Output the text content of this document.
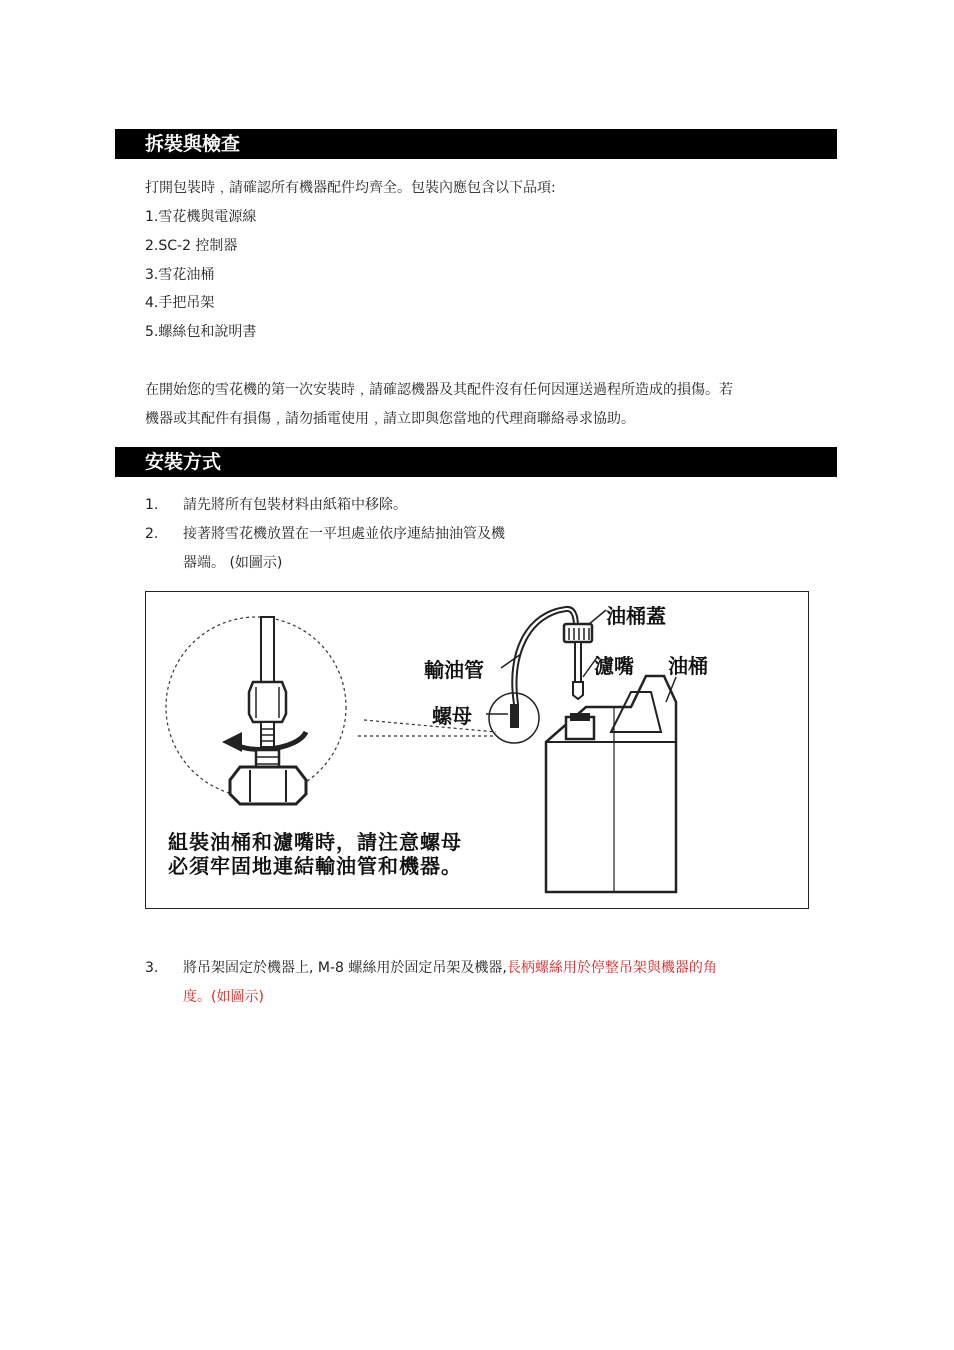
拆裝與檢查
打開包裝時﹐請確認所有機器配件均齊全。包裝內應包含以下品項:
1.雪花機與電源線
2.SC-2 控制器
3.雪花油桶
4.手把吊架
5.螺絲包和說明書
在開始您的雪花機的第一次安裝時﹐請確認機器及其配件沒有任何因運送過程所造成的損傷。若
機器或其配件有損傷﹐請勿插電使用﹐請立即與您當地的代理商聯絡尋求協助。
安裝方式
1. 請先將所有包裝材料由紙箱中移除。
2. 接著將雪花機放置在一平坦處並依序連結抽油管及機
器端。 (如圖示)
油桶蓋
濾嘴 油桶
輸油管
螺母
組裝油桶和濾嘴時，請注意螺母
必須牢固地連結輸油管和機器。
3. 將吊架固定於機器上, M-8 螺絲用於固定吊架及機器,長柄螺絲用於停整吊架與機器的角
度。(如圖示)
